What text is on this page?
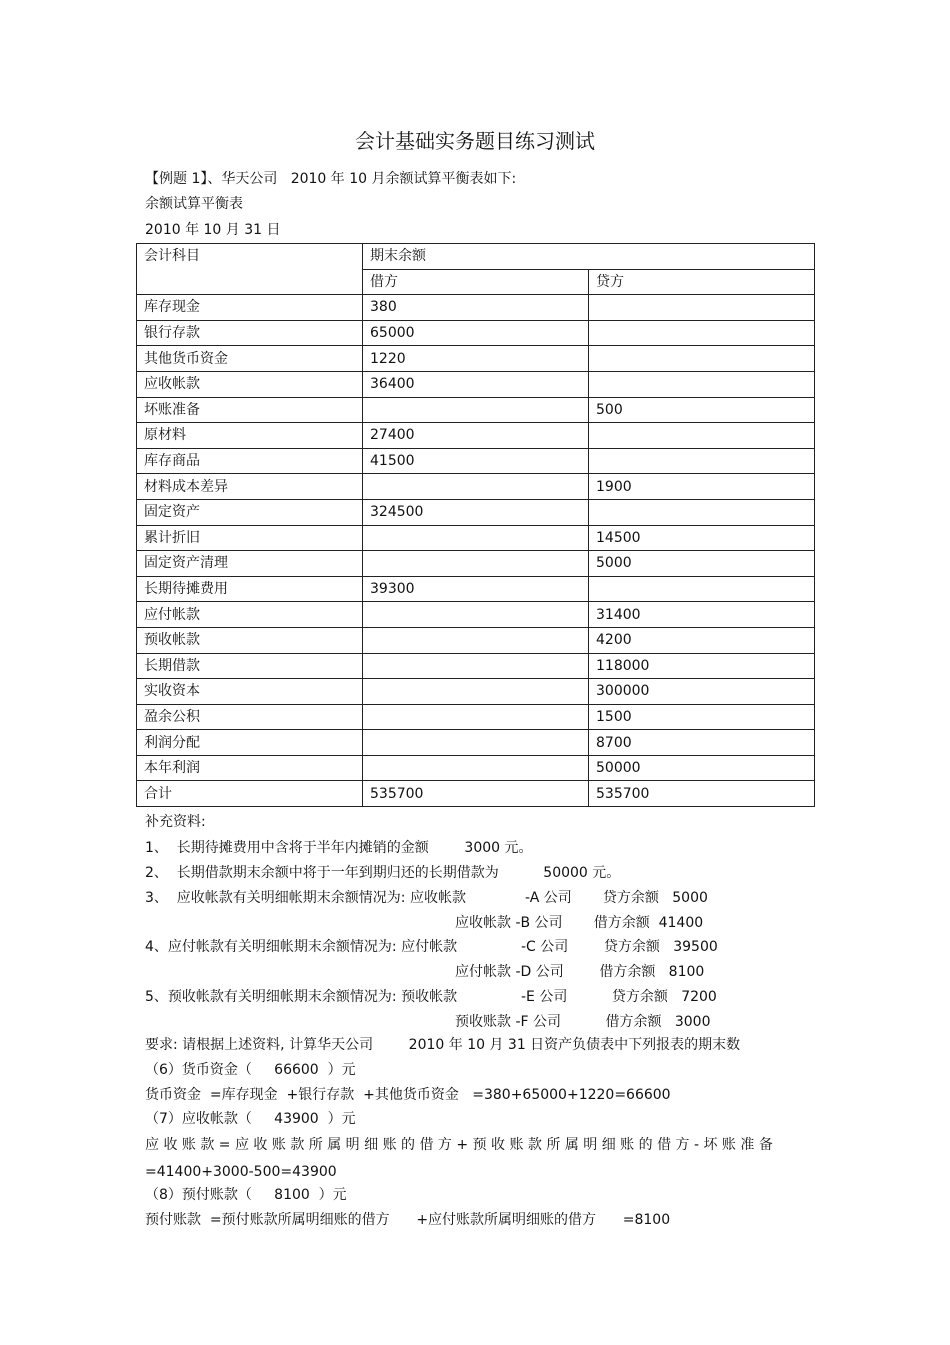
会计基础实务题目练习测试
【例题 1】、华天公司   2010 年 10 月余额试算平衡表如下:
余额试算平衡表
2010 年 10 月 31 日
会计科目	期末余额	
	借方	贷方
库存现金	380	
银行存款	65000	
其他货币资金	1220	
应收帐款	36400	
坏账准备		500
原材料	27400	
库存商品	41500	
材料成本差异		1900
固定资产	324500	
累计折旧		14500
固定资产清理		5000
长期待摊费用	39300	
应付帐款		31400
预收帐款		4200
长期借款		118000
实收资本		300000
盈余公积		1500
利润分配		8700
本年利润		50000
合计	535700	535700
补充资料:
1、  长期待摊费用中含将于半年内摊销的金额        3000 元。
2、  长期借款期末余额中将于一年到期归还的长期借款为          50000 元。
3、  应收帐款有关明细帐期末余额情况为: 应收帐款	-A 公司       贷方余额   5000
应收帐款 -B 公司       借方余额  41400
4、应付帐款有关明细帐期末余额情况为: 应付帐款	-C 公司        贷方余额   39500
应付帐款 -D 公司        借方余额   8100
5、预收帐款有关明细帐期末余额情况为: 预收帐款	-E 公司          贷方余额   7200
预收账款 -F 公司          借方余额   3000
要求: 请根据上述资料, 计算华天公司        2010 年 10 月 31 日资产负债表中下列报表的期末数
（6）货币资金（     66600  ）元
货币资金  =库存现金  +银行存款  +其他货币资金   =380+65000+1220=66600
（7）应收帐款（     43900  ）元
应 收 账 款 = 应 收 账 款 所 属 明 细 账 的 借 方 + 预 收 账 款 所 属 明 细 账 的 借 方 - 坏 账 准 备
=41400+3000-500=43900
（8）预付账款（     8100  ）元
预付账款  =预付账款所属明细账的借方      +应付账款所属明细账的借方      =8100
